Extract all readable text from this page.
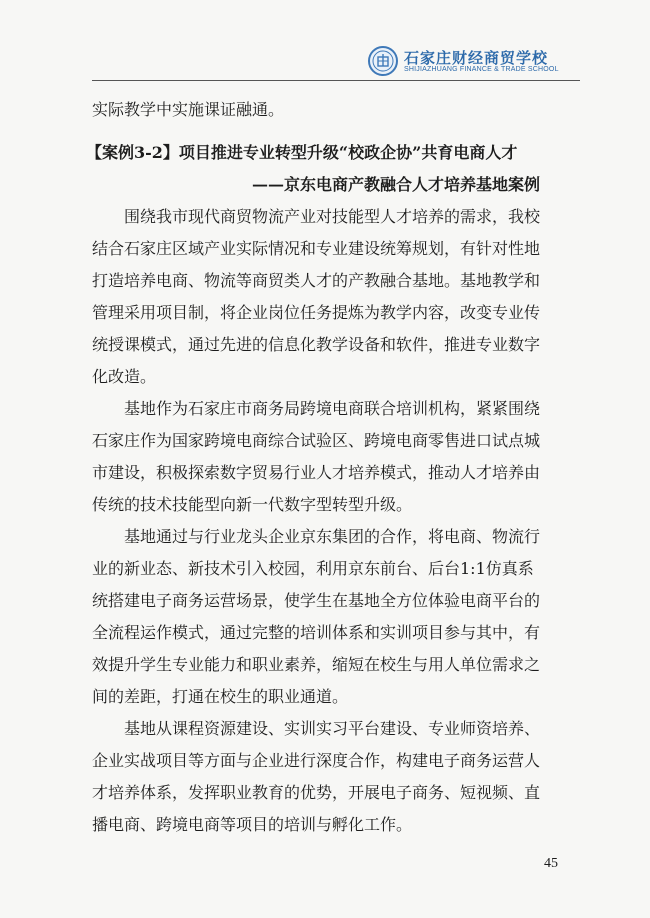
石家庄财经商贸学校
SHIJIAZHUANG FINANCE & TRADE SCHOOL
实际教学中实施课证融通。
【案例3-2】项目推进专业转型升级“校政企协”共育电商人才
——京东电商产教融合人才培养基地案例
围绕我市现代商贸物流产业对技能型人才培养的需求，我校
结合石家庄区域产业实际情况和专业建设统筹规划，有针对性地
打造培养电商、物流等商贸类人才的产教融合基地。基地教学和
管理采用项目制，将企业岗位任务提炼为教学内容，改变专业传
统授课模式，通过先进的信息化教学设备和软件，推进专业数字
化改造。
基地作为石家庄市商务局跨境电商联合培训机构，紧紧围绕
石家庄作为国家跨境电商综合试验区、跨境电商零售进口试点城
市建设，积极探索数字贸易行业人才培养模式，推动人才培养由
传统的技术技能型向新一代数字型转型升级。
基地通过与行业龙头企业京东集团的合作，将电商、物流行
业的新业态、新技术引入校园，利用京东前台、后台1:1仿真系
统搭建电子商务运营场景，使学生在基地全方位体验电商平台的
全流程运作模式，通过完整的培训体系和实训项目参与其中，有
效提升学生专业能力和职业素养，缩短在校生与用人单位需求之
间的差距，打通在校生的职业通道。
基地从课程资源建设、实训实习平台建设、专业师资培养、
企业实战项目等方面与企业进行深度合作，构建电子商务运营人
才培养体系，发挥职业教育的优势，开展电子商务、短视频、直
播电商、跨境电商等项目的培训与孵化工作。
45
